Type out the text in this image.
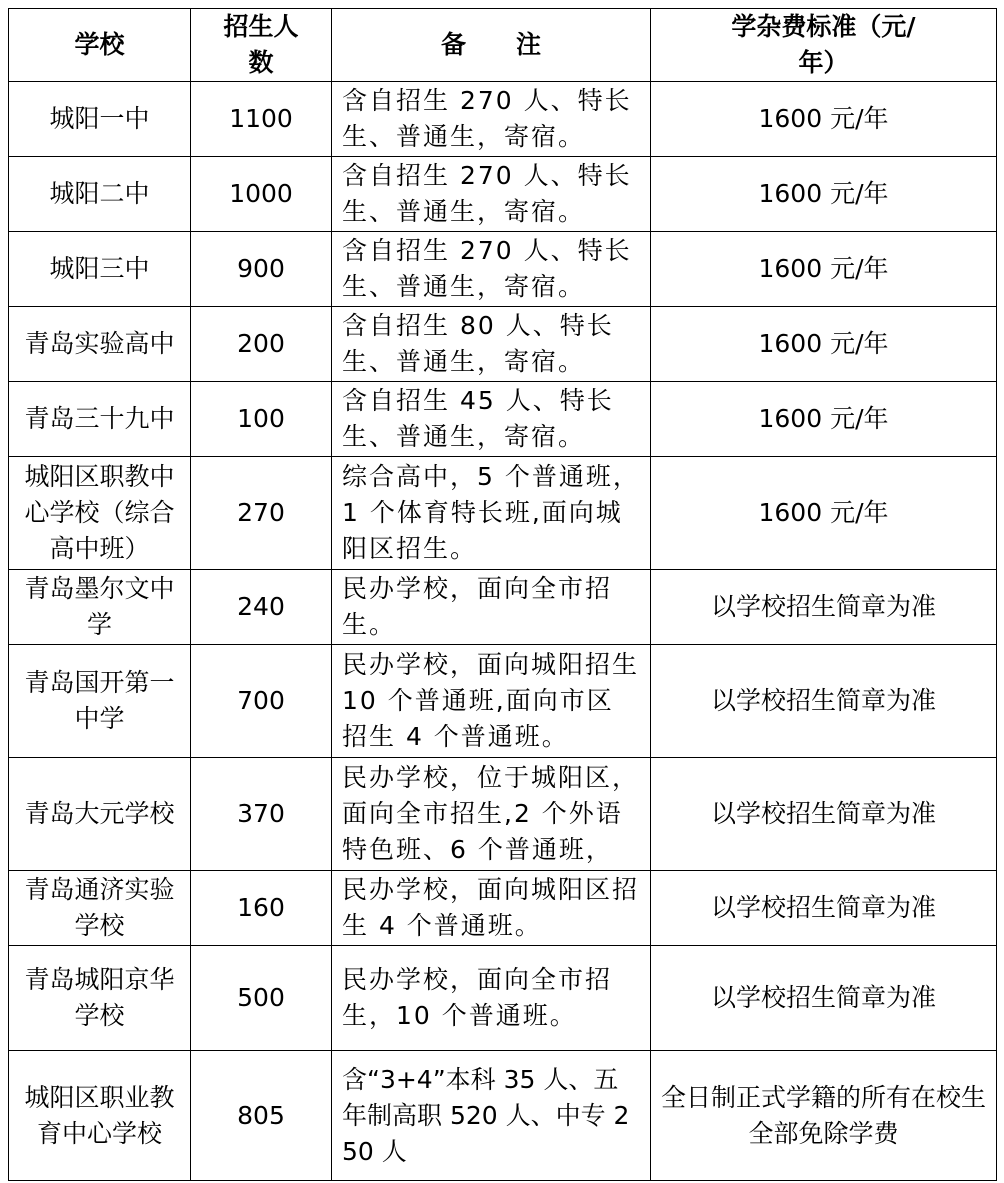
学校	招生人数	备　　注	学杂费标准（元/年）
城阳一中	1100	含自招生 270 人、特长生、普通生，寄宿。	1600 元/年
城阳二中	1000	含自招生 270 人、特长生、普通生，寄宿。	1600 元/年
城阳三中	900	含自招生 270 人、特长生、普通生，寄宿。	1600 元/年
青岛实验高中	200	含自招生 80 人、特长生、普通生，寄宿。	1600 元/年
青岛三十九中	100	含自招生 45 人、特长生、普通生，寄宿。	1600 元/年
城阳区职教中心学校（综合高中班）	270	综合高中，5 个普通班，1 个体育特长班,面向城阳区招生。	1600 元/年
青岛墨尔文中学	240	民办学校，面向全市招生。	以学校招生简章为准
青岛国开第一中学	700	民办学校，面向城阳招生 10 个普通班,面向市区招生 4 个普通班。	以学校招生简章为准
青岛大元学校	370	民办学校，位于城阳区，面向全市招生,2 个外语特色班、6 个普通班，	以学校招生简章为准
青岛通济实验学校	160	民办学校，面向城阳区招生 4 个普通班。	以学校招生简章为准
青岛城阳京华学校	500	民办学校，面向全市招生，10 个普通班。	以学校招生简章为准
城阳区职业教育中心学校	805	含“3+4”本科 35 人、五年制高职 520 人、中专 250 人	全日制正式学籍的所有在校生全部免除学费
